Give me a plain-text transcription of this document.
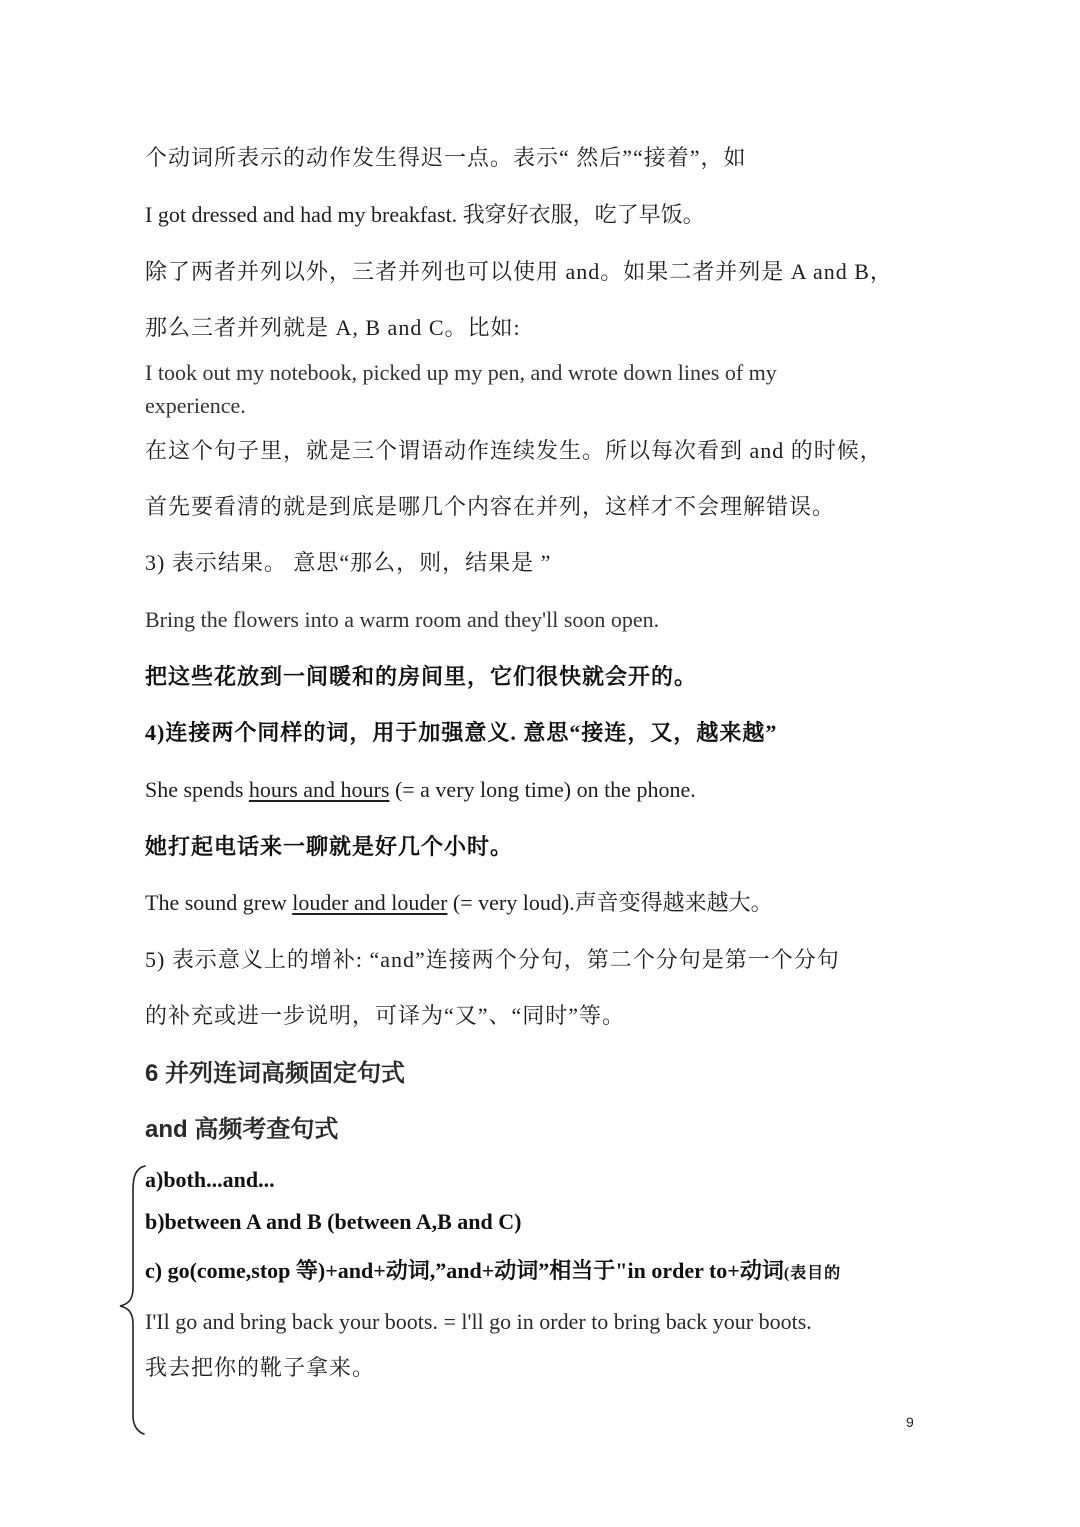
个动词所表示的动作发生得迟一点。表示“ 然后”“接着”，如
I got dressed and had my breakfast. 我穿好衣服，吃了早饭。
除了两者并列以外，三者并列也可以使用 and。如果二者并列是 A and B，
那么三者并列就是 A, B and C。比如:
I took out my notebook, picked up my pen, and wrote down lines of my
experience.
在这个句子里，就是三个谓语动作连续发生。所以每次看到 and 的时候，
首先要看清的就是到底是哪几个内容在并列，这样才不会理解错误。
3) 表示结果。 意思“那么，则，结果是 ”
Bring the flowers into a warm room and they'll soon open.
把这些花放到一间暖和的房间里，它们很快就会开的。
4)连接两个同样的词，用于加强意义. 意思“接连，又，越来越”
She spends hours and hours (= a very long time) on the phone.
她打起电话来一聊就是好几个小时。
The sound grew louder and louder (= very loud).声音变得越来越大。
5) 表示意义上的增补: “and”连接两个分句，第二个分句是第一个分句
的补充或进一步说明，可译为“又”、“同时”等。
6 并列连词高频固定句式
and 高频考查句式
a)both...and...
b)between A and B (between A,B and C)
c) go(come,stop 等)+and+动词,”and+动词”相当于"in order to+动词(表目的
I'Il go and bring back your boots. = l'll go in order to bring back your boots.
我去把你的靴子拿来。
9
